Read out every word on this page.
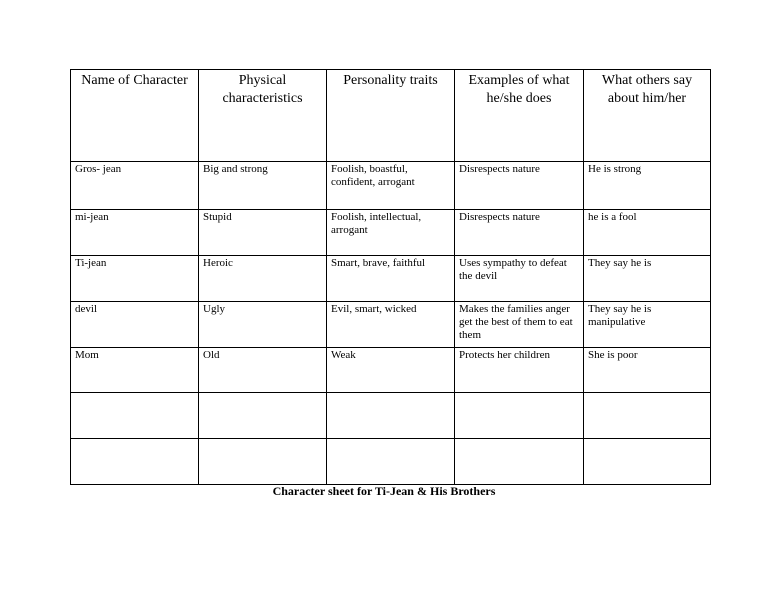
Name of Character	Physical characteristics	Personality traits	Examples of what he/she does	What others say about him/her
Gros- jean	Big and strong	Foolish, boastful, confident, arrogant	Disrespects nature	He is strong
mi-jean	Stupid	Foolish, intellectual, arrogant	Disrespects nature	he is a fool
Ti-jean	Heroic	Smart, brave, faithful	Uses sympathy to defeat the devil	They say he is
devil	Ugly	Evil, smart, wicked	Makes the families anger get the best of them to eat them	They say he is manipulative
Mom	Old	Weak	Protects her children	She is poor

Character sheet for Ti-Jean & His Brothers
